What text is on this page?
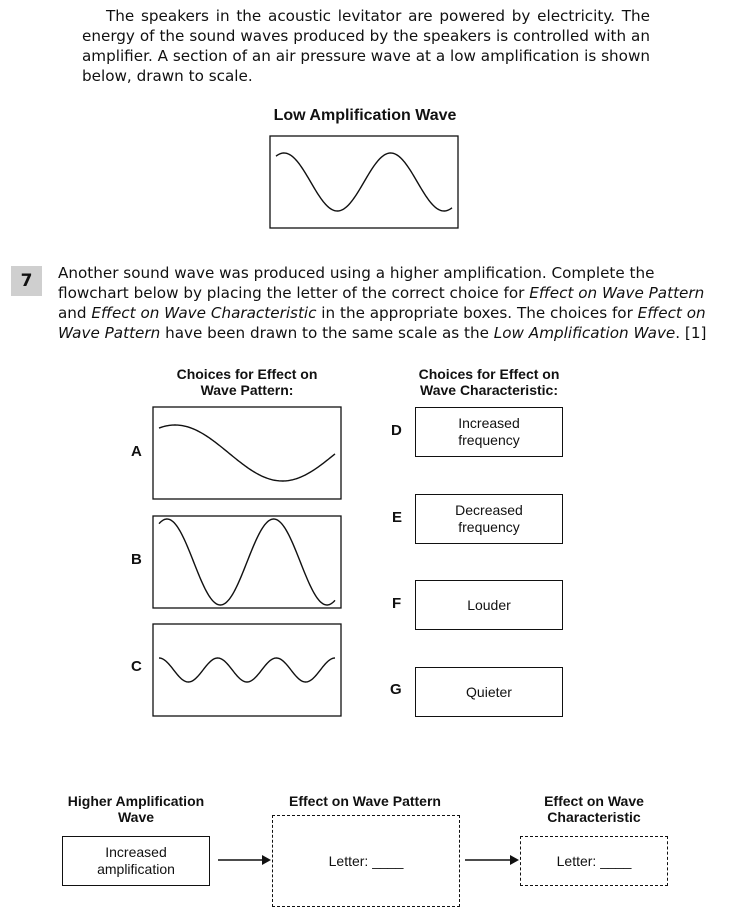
The speakers in the acoustic levitator are powered by electricity. The energy of the sound waves produced by the speakers is controlled with an amplifier. A section of an air pressure wave at a low amplification is shown below, drawn to scale.
Low Amplification Wave
7	Another sound wave was produced using a higher amplification. Complete the flowchart below by placing the letter of the correct choice for Effect on Wave Pattern and Effect on Wave Characteristic in the appropriate boxes. The choices for Effect on Wave Pattern have been drawn to the same scale as the Low Amplification Wave. [1]
Choices for Effect on
Wave Pattern:
Choices for Effect on
Wave Characteristic:
A
B
C
D	Increased
frequency
E	Decreased
frequency
F	Louder
G	Quieter
Higher Amplification
Wave
Increased
amplification
Effect on Wave Pattern
Letter: ____
Effect on Wave
Characteristic
Letter: ____
